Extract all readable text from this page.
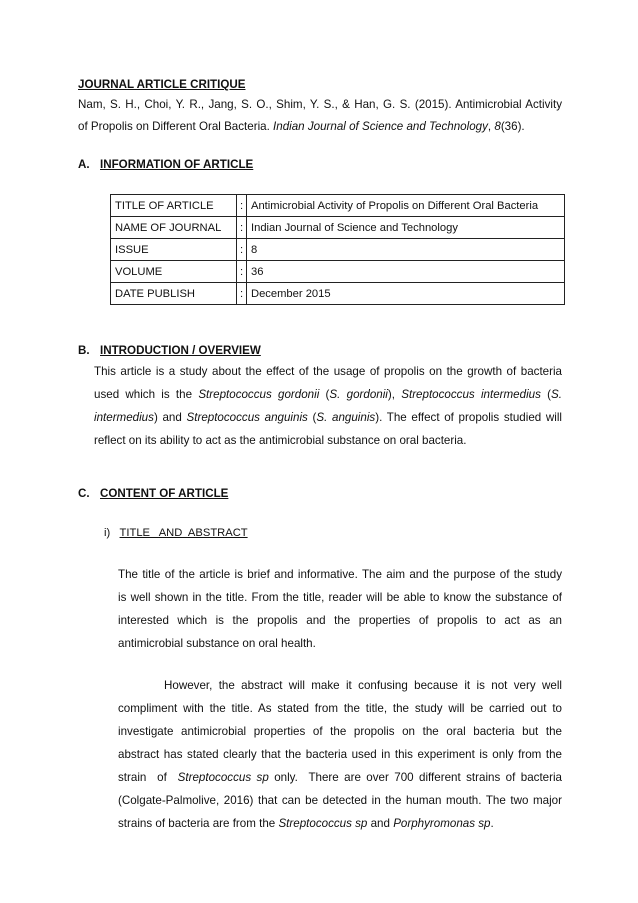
JOURNAL ARTICLE CRITIQUE
Nam, S. H., Choi, Y. R., Jang, S. O., Shim, Y. S., & Han, G. S. (2015). Antimicrobial Activity
of Propolis on Different Oral Bacteria. Indian Journal of Science and Technology, 8(36).
A. INFORMATION OF ARTICLE
TITLE OF ARTICLE	:	Antimicrobial Activity of Propolis on Different Oral Bacteria
NAME OF JOURNAL	:	Indian Journal of Science and Technology
ISSUE	:	8
VOLUME	:	36
DATE PUBLISH	:	December 2015
B. INTRODUCTION / OVERVIEW
This article is a study about the effect of the usage of propolis on the growth of bacteria
used which is the Streptococcus gordonii (S. gordonii), Streptococcus intermedius (S.
intermedius) and Streptococcus anguinis (S. anguinis). The effect of propolis studied will
reflect on its ability to act as the antimicrobial substance on oral bacteria.
C. CONTENT OF ARTICLE
i) TITLE   AND  ABSTRACT
The title of the article is brief and informative. The aim and the purpose of the study
is well shown in the title. From the title, reader will be able to know the substance of
interested which is the propolis and the properties of propolis to act as an
antimicrobial substance on oral health.
However, the abstract will make it confusing because it is not very well
compliment with the title. As stated from the title, the study will be carried out to
investigate antimicrobial properties of the propolis on the oral bacteria but the
abstract has stated clearly that the bacteria used in this experiment is only from the
strain  of  Streptococcus sp only.  There are over 700 different strains of bacteria
(Colgate-Palmolive, 2016) that can be detected in the human mouth. The two major
strains of bacteria are from the Streptococcus sp and Porphyromonas sp.
